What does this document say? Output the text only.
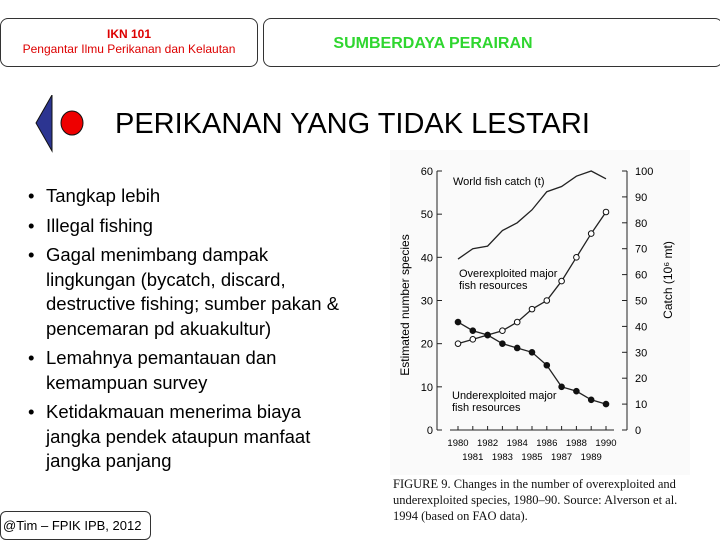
IKN 101
Pengantar Ilmu Perikanan dan Kelautan	SUMBERDAYA PERAIRAN
PERIKANAN YANG TIDAK LESTARI
• Tangkap lebih
• Illegal fishing
• Gagal menimbang dampak lingkungan (bycatch, discard, destructive fishing; sumber pakan & pencemaran pd akuakultur)
• Lemahnya pemantauan dan kemampuan survey
• Ketidakmauan menerima biaya jangka pendek ataupun manfaat jangka panjang
0
10
20
30
40
50
60
0
10
20
30
40
50
60
70
80
90
100
1980 1982 1984 1986 1988 1990
1981 1983 1985 1987 1989
World fish catch (t)
Overexploited major
fish resources
Underexploited major
fish resources
Estimated number species	Catch (10⁶ mt)
FIGURE 9. Changes in the number of overexploited and underexploited species, 1980–90. Source: Alverson et al. 1994 (based on FAO data).
@Tim – FPIK IPB, 2012
